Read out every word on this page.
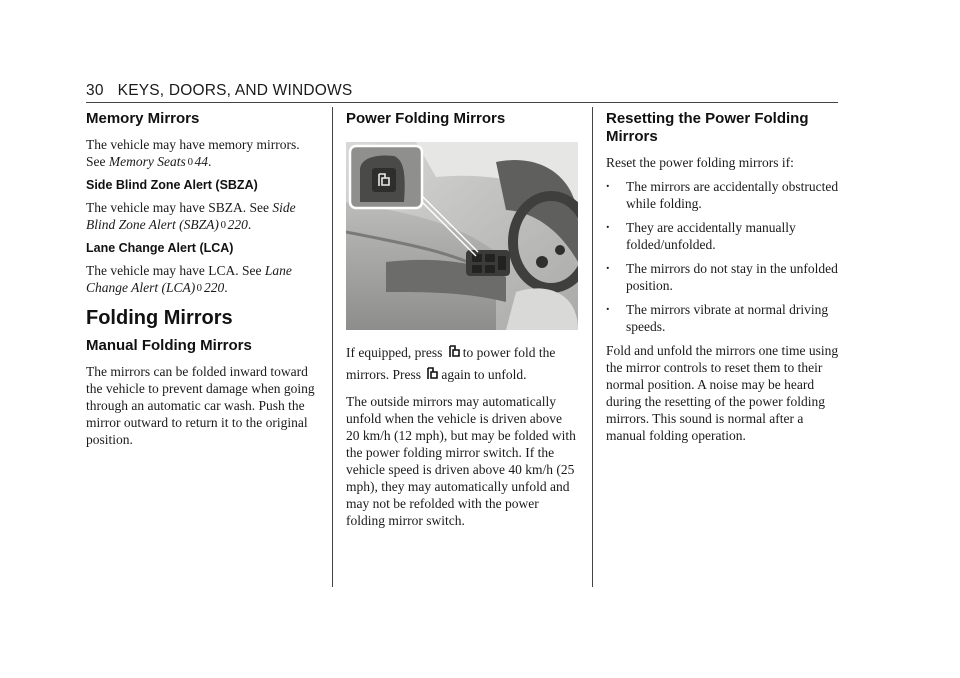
30 KEYS, DOORS, AND WINDOWS
Memory Mirrors

The vehicle may have memory mirrors. See Memory Seats 0 44.

Side Blind Zone Alert (SBZA)

The vehicle may have SBZA. See Side Blind Zone Alert (SBZA) 0 220.

Lane Change Alert (LCA)

The vehicle may have LCA. See Lane Change Alert (LCA) 0 220.

Folding Mirrors
Manual Folding Mirrors

The mirrors can be folded inward toward the vehicle to prevent damage when going through an automatic car wash. Push the mirror outward to return it to the original position.

Power Folding Mirrors

If equipped, press to power fold the mirrors. Press again to unfold.

The outside mirrors may automatically unfold when the vehicle is driven above 20 km/h (12 mph), but may be folded with the power folding mirror switch. If the vehicle speed is driven above 40 km/h (25 mph), they may automatically unfold and may not be refolded with the power folding mirror switch.

Resetting the Power Folding Mirrors

Reset the power folding mirrors if:

. The mirrors are accidentally obstructed while folding.
. They are accidentally manually folded/unfolded.
. The mirrors do not stay in the unfolded position.
. The mirrors vibrate at normal driving speeds.

Fold and unfold the mirrors one time using the mirror controls to reset them to their normal position. A noise may be heard during the resetting of the power folding mirrors. This sound is normal after a manual folding operation.
